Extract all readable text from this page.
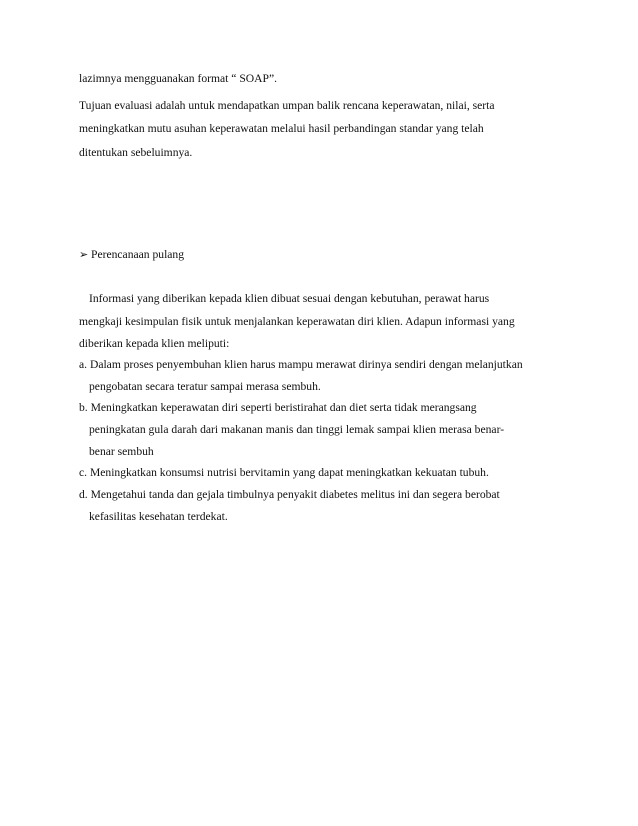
lazimnya mengguanakan format “ SOAP”.
Tujuan evaluasi adalah untuk mendapatkan umpan balik rencana keperawatan, nilai, serta
meningkatkan mutu asuhan keperawatan melalui hasil perbandingan standar yang telah
ditentukan sebeluimnya.
➢ Perencanaan pulang
Informasi yang diberikan kepada klien dibuat sesuai dengan kebutuhan, perawat harus
mengkaji kesimpulan fisik untuk menjalankan keperawatan diri klien. Adapun informasi yang
diberikan kepada klien meliputi:
a. Dalam proses penyembuhan klien harus mampu merawat dirinya sendiri dengan melanjutkan
pengobatan secara teratur sampai merasa sembuh.
b. Meningkatkan keperawatan diri seperti beristirahat dan diet serta tidak merangsang
peningkatan gula darah dari makanan manis dan tinggi lemak sampai klien merasa benar-
benar sembuh
c. Meningkatkan konsumsi nutrisi bervitamin yang dapat meningkatkan kekuatan tubuh.
d. Mengetahui tanda dan gejala timbulnya penyakit diabetes melitus ini dan segera berobat
kefasilitas kesehatan terdekat.
